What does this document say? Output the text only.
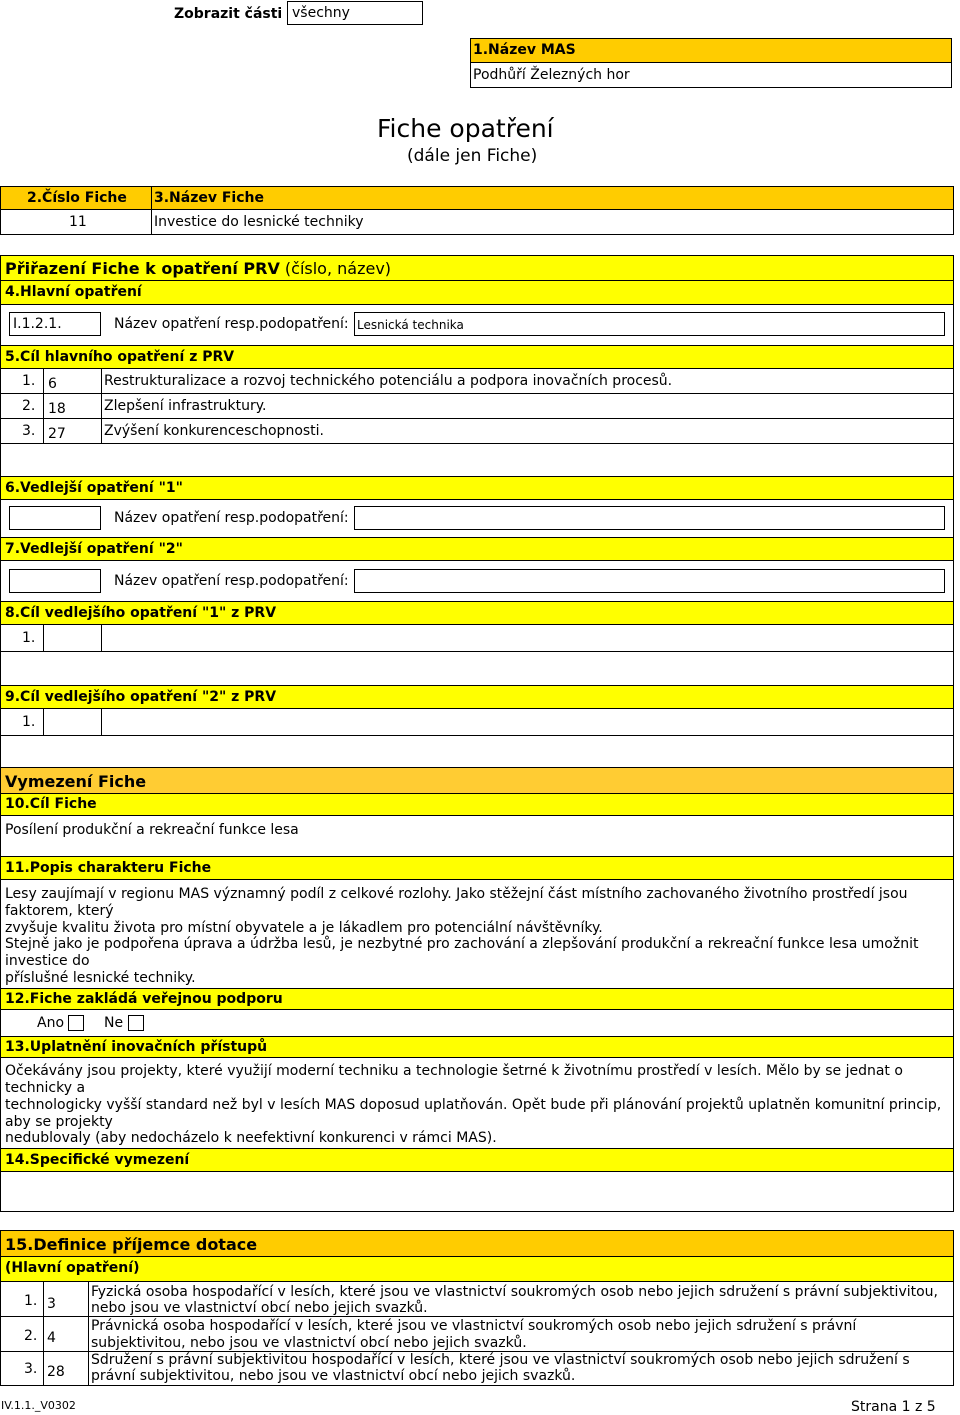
Zobrazit části všechny
1.Název MAS
Podhůří Železných hor
Fiche opatření
(dále jen Fiche)
2.Číslo Fiche 3.Název Fiche
11	Investice do lesnické techniky
Přiřazení Fiche k opatření PRV (číslo, název)
4.Hlavní opatření
I.1.2.1.	Název opatření resp.podopatření: Lesnická technika
5.Cíl hlavního opatření z PRV
1. 6	Restrukturalizace a rozvoj technického potenciálu a podpora inovačních procesů.
2. 18	Zlepšení infrastruktury.
3. 27	Zvýšení konkurenceschopnosti.
6.Vedlejší opatření "1"
Název opatření resp.podopatření:
7.Vedlejší opatření "2"
Název opatření resp.podopatření:
8.Cíl vedlejšího opatření "1" z PRV
1.
9.Cíl vedlejšího opatření "2" z PRV
1.
Vymezení Fiche
10.Cíl Fiche
Posílení produkční a rekreační funkce lesa
11.Popis charakteru Fiche
Lesy zaujímají v regionu MAS významný podíl z celkové rozlohy. Jako stěžejní část místního zachovaného životního prostředí jsou
faktorem, který
zvyšuje kvalitu života pro místní obyvatele a je lákadlem pro potenciální návštěvníky.
Stejně jako je podpořena úprava a údržba lesů, je nezbytné pro zachování a zlepšování produkční a rekreační funkce lesa umožnit
investice do
příslušné lesnické techniky.
12.Fiche zakládá veřejnou podporu
Ano	Ne
13.Uplatnění inovačních přístupů
Očekávány jsou projekty, které využijí moderní techniku a technologie šetrné k životnímu prostředí v lesích. Mělo by se jednat o
technicky a
technologicky vyšší standard než byl v lesích MAS doposud uplatňován. Opět bude při plánování projektů uplatněn komunitní princip,
aby se projekty
nedublovaly (aby nedocházelo k neefektivní konkurenci v rámci MAS).
14.Specifické vymezení
15.Definice příjemce dotace
(Hlavní opatření)
1. 3
Fyzická osoba hospodařící v lesích, které jsou ve vlastnictví soukromých osob nebo jejich sdružení s právní subjektivitou,
nebo jsou ve vlastnictví obcí nebo jejich svazků.
2. 4
Právnická osoba hospodařící v lesích, které jsou ve vlastnictví soukromých osob nebo jejich sdružení s právní
subjektivitou, nebo jsou ve vlastnictví obcí nebo jejich svazků.
3. 28
Sdružení s právní subjektivitou hospodařící v lesích, které jsou ve vlastnictví soukromých osob nebo jejich sdružení s
právní subjektivitou, nebo jsou ve vlastnictví obcí nebo jejich svazků.
IV.1.1._V0302	Strana 1 z 5
